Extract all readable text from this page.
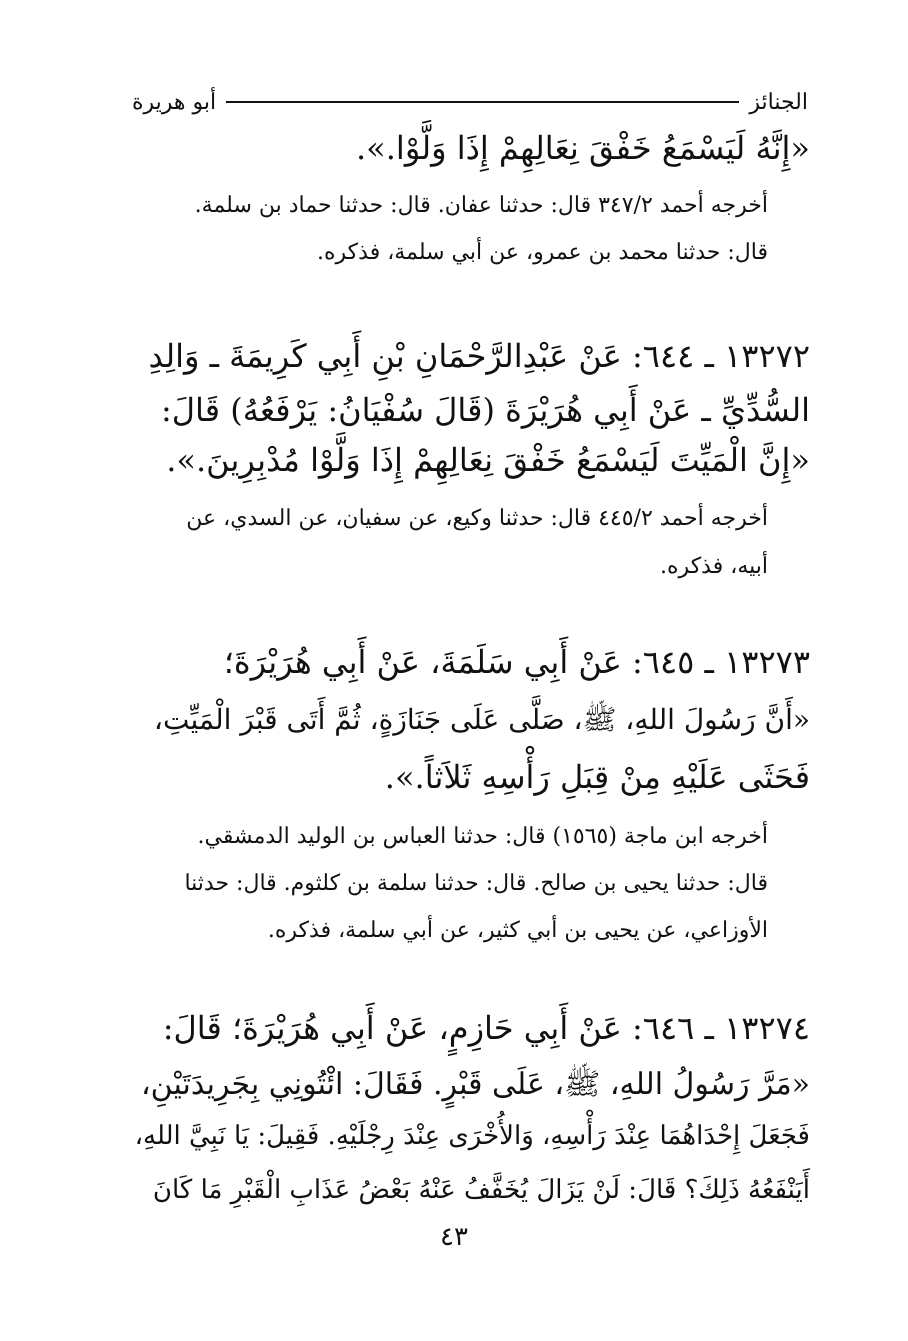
الجنائز
أبو هريرة

«إِنَّهُ لَيَسْمَعُ خَفْقَ نِعَالِهِمْ إِذَا وَلَّوْا.».

أخرجه أحمد ٣٤٧/٢ قال: حدثنا عفان. قال: حدثنا حماد بن سلمة.

قال: حدثنا محمد بن عمرو، عن أبي سلمة، فذكره.

١٣٢٧٢ ـ ٦٤٤: عَنْ عَبْدِالرَّحْمَانِ بْنِ أَبِي كَرِيمَةَ ـ وَالِدِ

السُّدِّيِّ ـ عَنْ أَبِي هُرَيْرَةَ (قَالَ سُفْيَانُ: يَرْفَعُهُ) قَالَ:

«إِنَّ الْمَيِّتَ لَيَسْمَعُ خَفْقَ نِعَالِهِمْ إِذَا وَلَّوْا مُدْبِرِينَ.».

أخرجه أحمد ٤٤٥/٢ قال: حدثنا وكيع، عن سفيان، عن السدي، عن

أبيه، فذكره.

١٣٢٧٣ ـ ٦٤٥: عَنْ أَبِي سَلَمَةَ، عَنْ أَبِي هُرَيْرَةَ؛

«أَنَّ رَسُولَ اللهِ، ﷺ، صَلَّى عَلَى جَنَازَةٍ، ثُمَّ أَتَى قَبْرَ الْمَيِّتِ،

فَحَثَى عَلَيْهِ مِنْ قِبَلِ رَأْسِهِ ثَلاَثاً.».

أخرجه ابن ماجة (١٥٦٥) قال: حدثنا العباس بن الوليد الدمشقي.

قال: حدثنا يحيى بن صالح. قال: حدثنا سلمة بن كلثوم. قال: حدثنا

الأوزاعي، عن يحيى بن أبي كثير، عن أبي سلمة، فذكره.

١٣٢٧٤ ـ ٦٤٦: عَنْ أَبِي حَازِمٍ، عَنْ أَبِي هُرَيْرَةَ؛ قَالَ:

«مَرَّ رَسُولُ اللهِ، ﷺ، عَلَى قَبْرٍ. فَقَالَ: ائْتُونِي بِجَرِيدَتَيْنِ،

فَجَعَلَ إِحْدَاهُمَا عِنْدَ رَأْسِهِ، وَالأُخْرَى عِنْدَ رِجْلَيْهِ. فَقِيلَ: يَا نَبِيَّ اللهِ،

أَيَنْفَعُهُ ذَلِكَ؟ قَالَ: لَنْ يَزَالَ يُخَفَّفُ عَنْهُ بَعْضُ عَذَابِ الْقَبْرِ مَا كَانَ

٤٣
